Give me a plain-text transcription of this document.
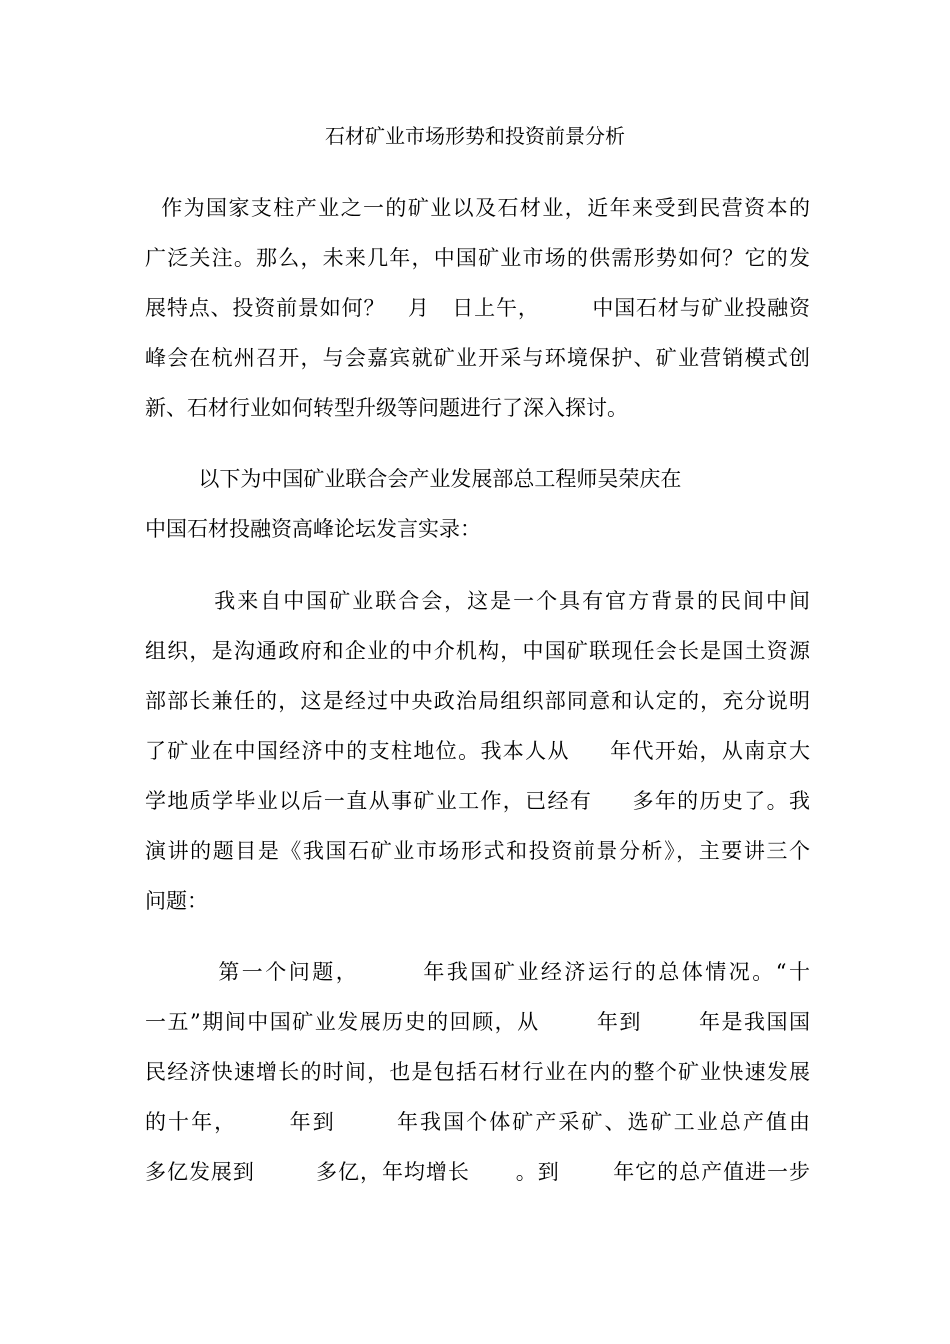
石材矿业市场形势和投资前景分析
作为国家支柱产业之一的矿业以及石材业，近年来受到民营资本的
广泛关注。那么，未来几年，中国矿业市场的供需形势如何？它的发
展特点、投资前景如何？   月   日上午，       中国石材与矿业投融资
峰会在杭州召开，与会嘉宾就矿业开采与环境保护、矿业营销模式创
新、石材行业如何转型升级等问题进行了深入探讨。
以下为中国矿业联合会产业发展部总工程师吴荣庆在
中国石材投融资高峰论坛发言实录：
我来自中国矿业联合会，这是一个具有官方背景的民间中间
组织，是沟通政府和企业的中介机构，中国矿联现任会长是国土资源
部部长兼任的，这是经过中央政治局组织部同意和认定的，充分说明
了矿业在中国经济中的支柱地位。我本人从     年代开始，从南京大
学地质学毕业以后一直从事矿业工作，已经有     多年的历史了。我
演讲的题目是《我国石矿业市场形式和投资前景分析》，主要讲三个
问题：
第一个问题，       年我国矿业经济运行的总体情况。“十
一五”期间中国矿业发展历史的回顾，从       年到       年是我国国
民经济快速增长的时间，也是包括石材行业在内的整个矿业快速发展
的十年，      年到       年我国个体矿产采矿、选矿工业总产值由
多亿发展到        多亿，年均增长      。到       年它的总产值进一步
